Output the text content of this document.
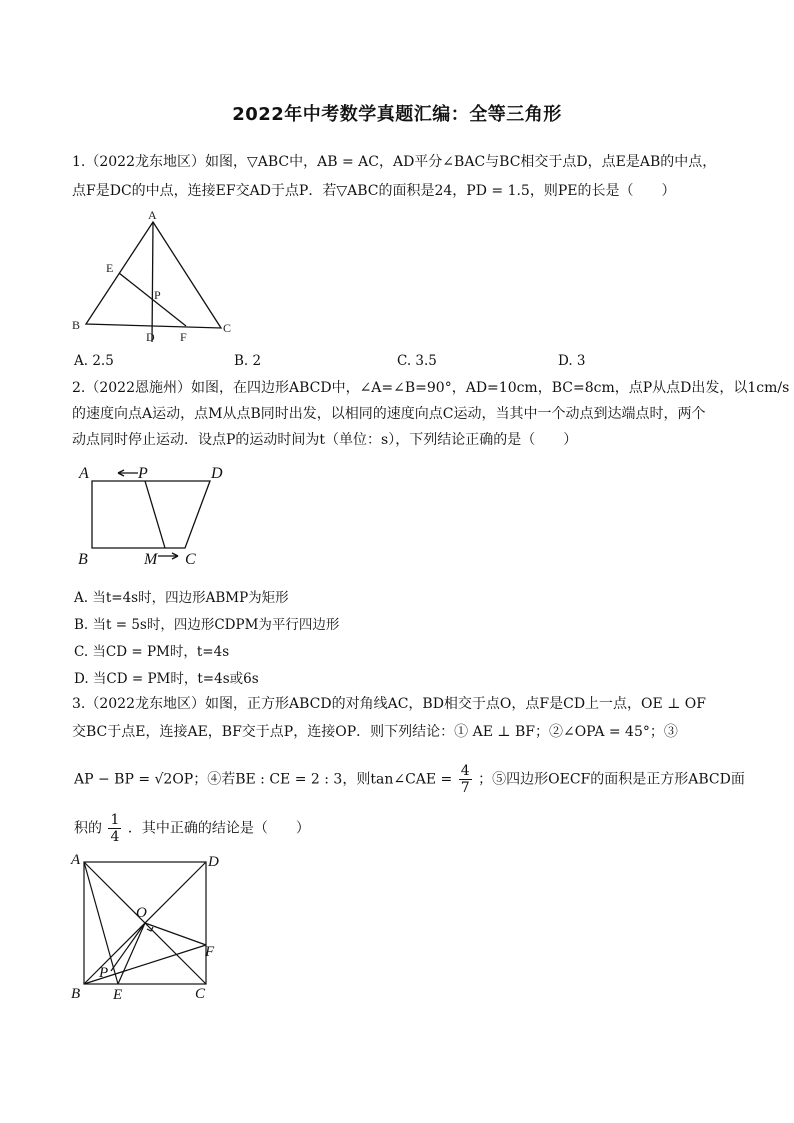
2022年中考数学真题汇编：全等三角形
1.（2022龙东地区）如图，▽ABC中，AB = AC，AD平分∠BAC与BC相交于点D，点E是AB的中点，
点F是DC的中点，连接EF交AD于点P．若▽ABC的面积是24，PD = 1.5，则PE的长是（　　）
A
B	C
D
E
F
P
A. 2.5	B. 2	C. 3.5	D. 3
2.（2022恩施州）如图，在四边形ABCD中，∠A=∠B=90°，AD=10cm，BC=8cm，点P从点D出发，以1cm/s
的速度向点A运动，点M从点B同时出发，以相同的速度向点C运动，当其中一个动点到达端点时，两个
动点同时停止运动．设点P的运动时间为t（单位：s），下列结论正确的是（　　）
A	P	D
B	M C
A. 当t=4s时，四边形ABMP为矩形
B. 当t = 5s时，四边形CDPM为平行四边形
C. 当CD = PM时，t=4s
D. 当CD = PM时，t=4s或6s
3.（2022龙东地区）如图，正方形ABCD的对角线AC，BD相交于点O，点F是CD上一点，OE ⊥ OF
交BC于点E，连接AE，BF交于点P，连接OP．则下列结论：① AE ⊥ BF；②∠OPA = 45°；③
AP − BP = √2OP；④若BE : CE = 2 : 3，则tan∠CAE = $\frac{4}{7}$ ；⑤四边形OECF的面积是正方形ABCD面
积的 $\frac{1}{4}$ ．其中正确的结论是（　　）
A	D
B	C
E
F
O
P
